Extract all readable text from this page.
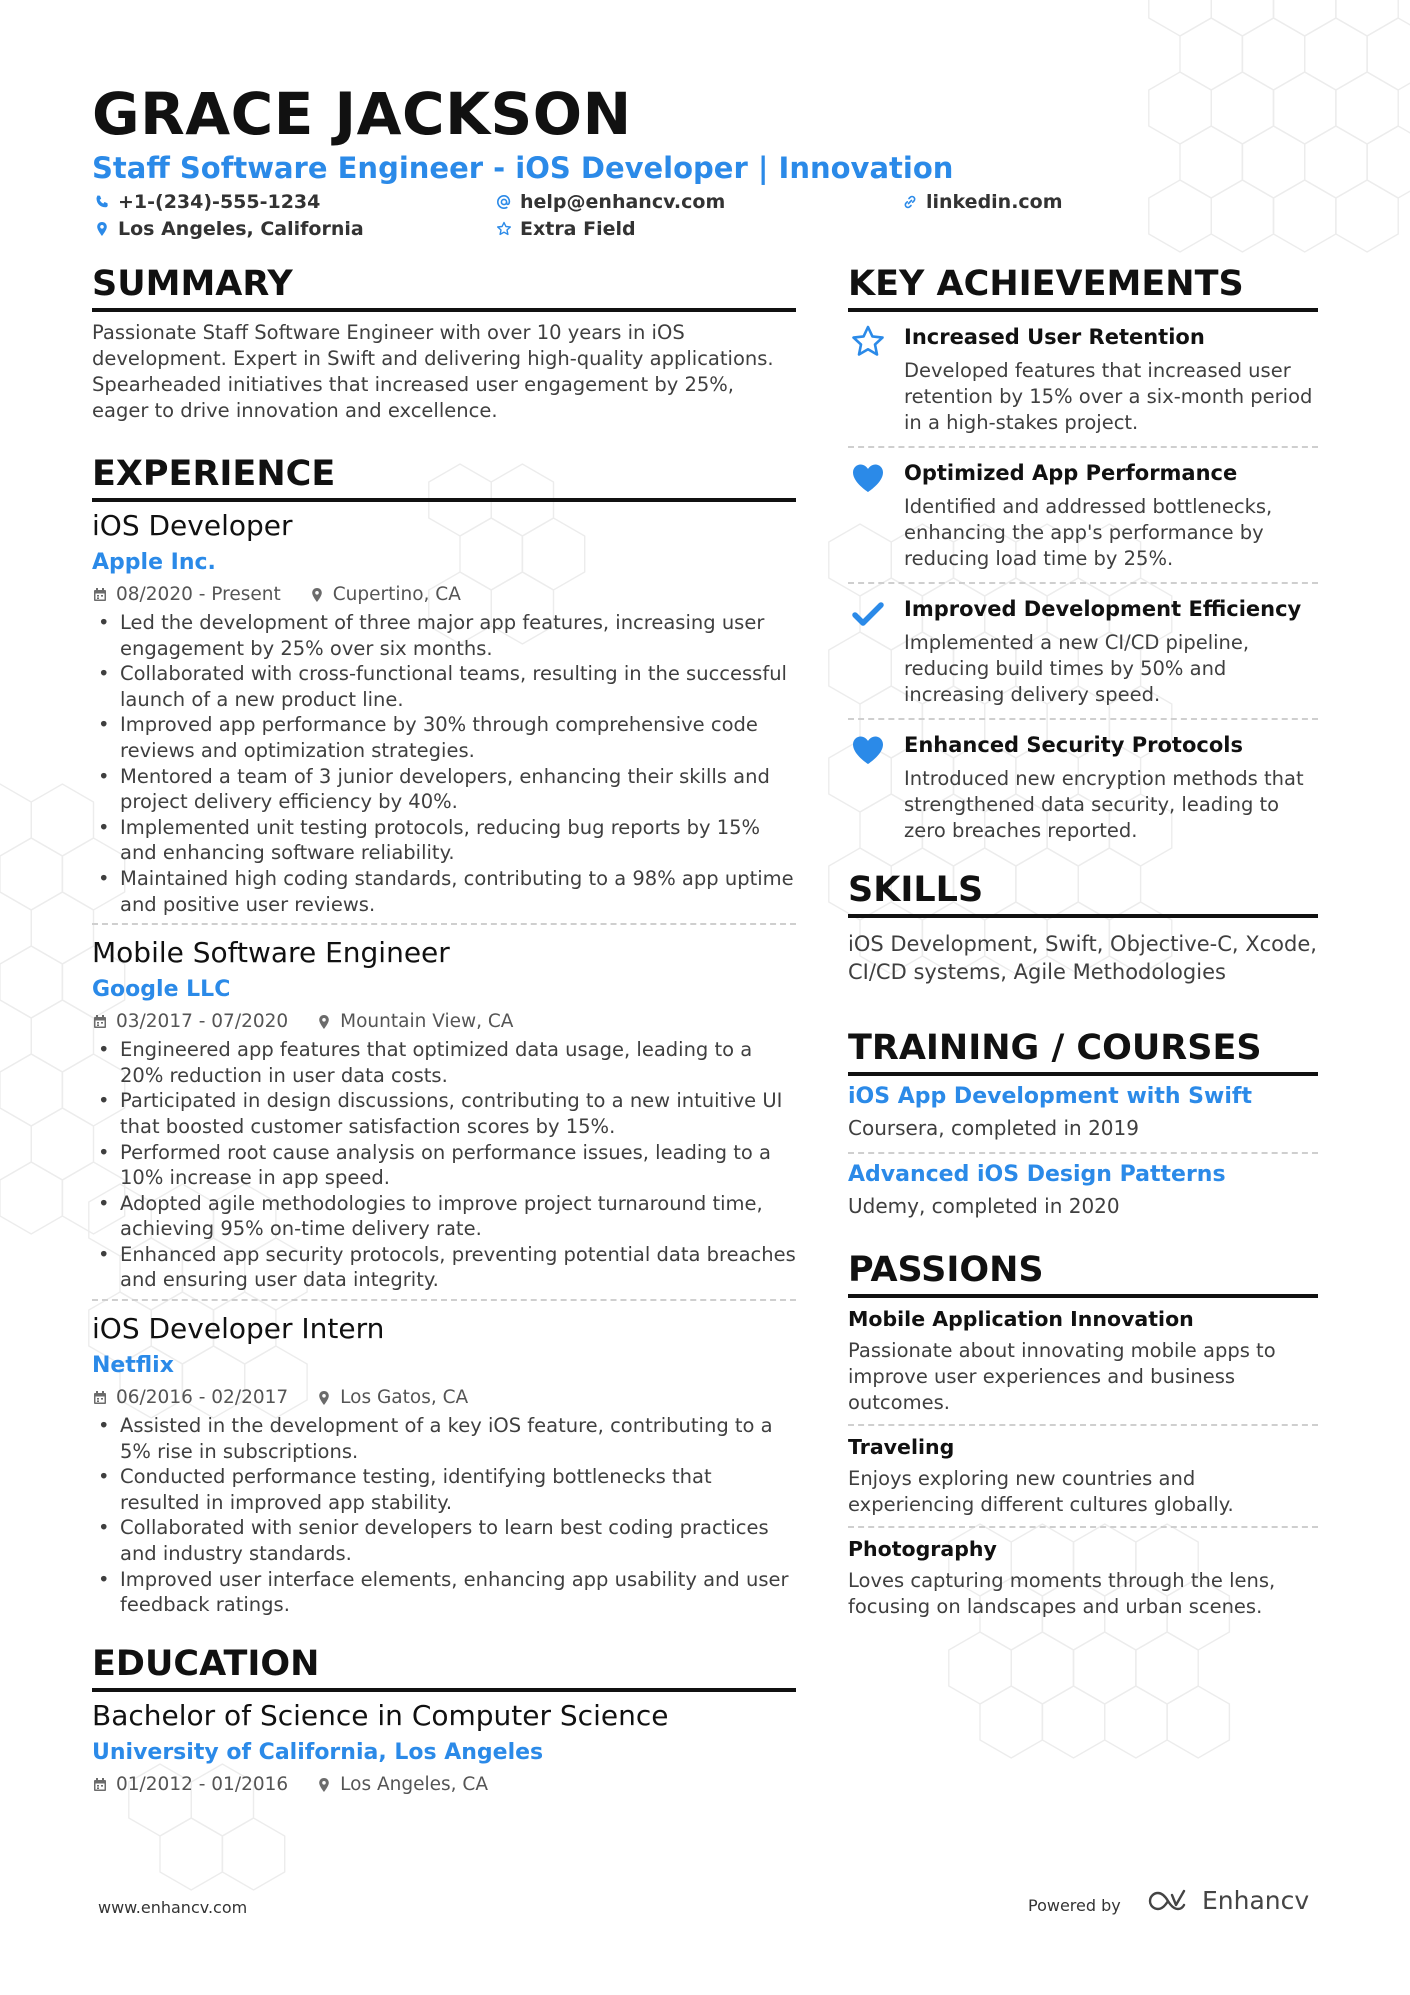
GRACE JACKSON
Staff Software Engineer - iOS Developer | Innovation
+1-(234)-555-1234	help@enhancv.com	linkedin.com
Los Angeles, California	Extra Field
SUMMARY
Passionate Staff Software Engineer with over 10 years in iOS development. Expert in Swift and delivering high-quality applications. Spearheaded initiatives that increased user engagement by 25%, eager to drive innovation and excellence.
EXPERIENCE
iOS Developer
Apple Inc.
08/2020 - Present	Cupertino, CA
• Led the development of three major app features, increasing user engagement by 25% over six months.
• Collaborated with cross-functional teams, resulting in the successful launch of a new product line.
• Improved app performance by 30% through comprehensive code reviews and optimization strategies.
• Mentored a team of 3 junior developers, enhancing their skills and project delivery efficiency by 40%.
• Implemented unit testing protocols, reducing bug reports by 15% and enhancing software reliability.
• Maintained high coding standards, contributing to a 98% app uptime and positive user reviews.
Mobile Software Engineer
Google LLC
03/2017 - 07/2020	Mountain View, CA
• Engineered app features that optimized data usage, leading to a 20% reduction in user data costs.
• Participated in design discussions, contributing to a new intuitive UI that boosted customer satisfaction scores by 15%.
• Performed root cause analysis on performance issues, leading to a 10% increase in app speed.
• Adopted agile methodologies to improve project turnaround time, achieving 95% on-time delivery rate.
• Enhanced app security protocols, preventing potential data breaches and ensuring user data integrity.
iOS Developer Intern
Netflix
06/2016 - 02/2017	Los Gatos, CA
• Assisted in the development of a key iOS feature, contributing to a 5% rise in subscriptions.
• Conducted performance testing, identifying bottlenecks that resulted in improved app stability.
• Collaborated with senior developers to learn best coding practices and industry standards.
• Improved user interface elements, enhancing app usability and user feedback ratings.
EDUCATION
Bachelor of Science in Computer Science
University of California, Los Angeles
01/2012 - 01/2016	Los Angeles, CA
KEY ACHIEVEMENTS
Increased User Retention
Developed features that increased user retention by 15% over a six-month period in a high-stakes project.
Optimized App Performance
Identified and addressed bottlenecks, enhancing the app's performance by reducing load time by 25%.
Improved Development Efficiency
Implemented a new CI/CD pipeline, reducing build times by 50% and increasing delivery speed.
Enhanced Security Protocols
Introduced new encryption methods that strengthened data security, leading to zero breaches reported.
SKILLS
iOS Development, Swift, Objective-C, Xcode, CI/CD systems, Agile Methodologies
TRAINING / COURSES
iOS App Development with Swift
Coursera, completed in 2019
Advanced iOS Design Patterns
Udemy, completed in 2020
PASSIONS
Mobile Application Innovation
Passionate about innovating mobile apps to improve user experiences and business outcomes.
Traveling
Enjoys exploring new countries and experiencing different cultures globally.
Photography
Loves capturing moments through the lens, focusing on landscapes and urban scenes.
www.enhancv.com	Powered by	Enhancv
